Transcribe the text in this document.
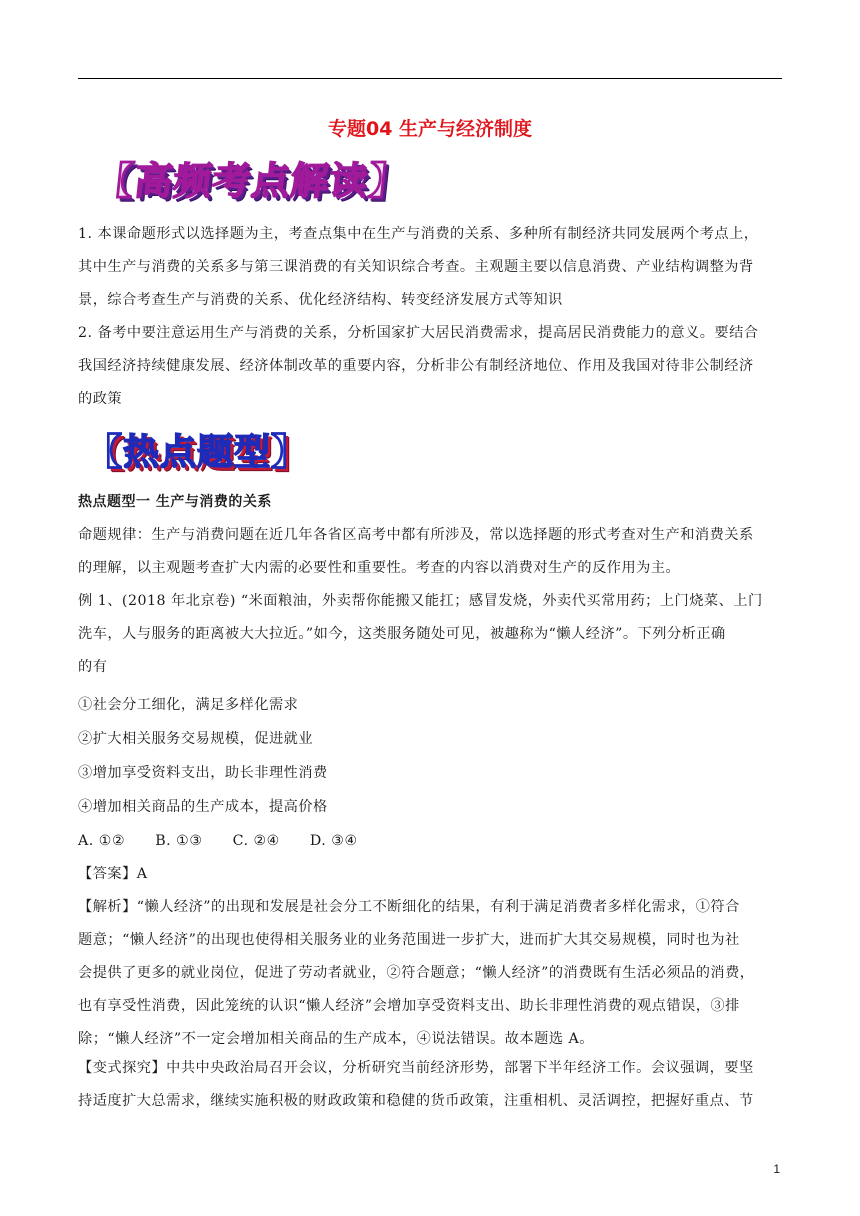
专题04 生产与经济制度
【高频考点解读】
1. 本课命题形式以选择题为主，考查点集中在生产与消费的关系、多种所有制经济共同发展两个考点上，
其中生产与消费的关系多与第三课消费的有关知识综合考查。主观题主要以信息消费、产业结构调整为背
景，综合考查生产与消费的关系、优化经济结构、转变经济发展方式等知识
2. 备考中要注意运用生产与消费的关系，分析国家扩大居民消费需求，提高居民消费能力的意义。要结合
我国经济持续健康发展、经济体制改革的重要内容，分析非公有制经济地位、作用及我国对待非公制经济
的政策
【热点题型】
热点题型一 生产与消费的关系
命题规律：生产与消费问题在近几年各省区高考中都有所涉及，常以选择题的形式考查对生产和消费关系
的理解，以主观题考查扩大内需的必要性和重要性。考查的内容以消费对生产的反作用为主。
例 1、(2018 年北京卷) “米面粮油，外卖帮你能搬又能扛；感冒发烧，外卖代买常用药；上门烧菜、上门
洗车，人与服务的距离被大大拉近。”如今，这类服务随处可见，被趣称为“懒人经济”。下列分析正确
的有
①社会分工细化，满足多样化需求
②扩大相关服务交易规模，促进就业
③增加享受资料支出，助长非理性消费
④增加相关商品的生产成本，提高价格
A. ①② B. ①③ C. ②④ D. ③④
【答案】A
【解析】“懒人经济”的出现和发展是社会分工不断细化的结果，有利于满足消费者多样化需求，①符合
题意；“懒人经济”的出现也使得相关服务业的业务范围进一步扩大，进而扩大其交易规模，同时也为社
会提供了更多的就业岗位，促进了劳动者就业，②符合题意；“懒人经济”的消费既有生活必须品的消费，
也有享受性消费，因此笼统的认识“懒人经济”会增加享受资料支出、助长非理性消费的观点错误，③排
除；“懒人经济”不一定会增加相关商品的生产成本，④说法错误。故本题选 A。
【变式探究】中共中央政治局召开会议，分析研究当前经济形势，部署下半年经济工作。会议强调，要坚
持适度扩大总需求，继续实施积极的财政政策和稳健的货币政策，注重相机、灵活调控，把握好重点、节
1
